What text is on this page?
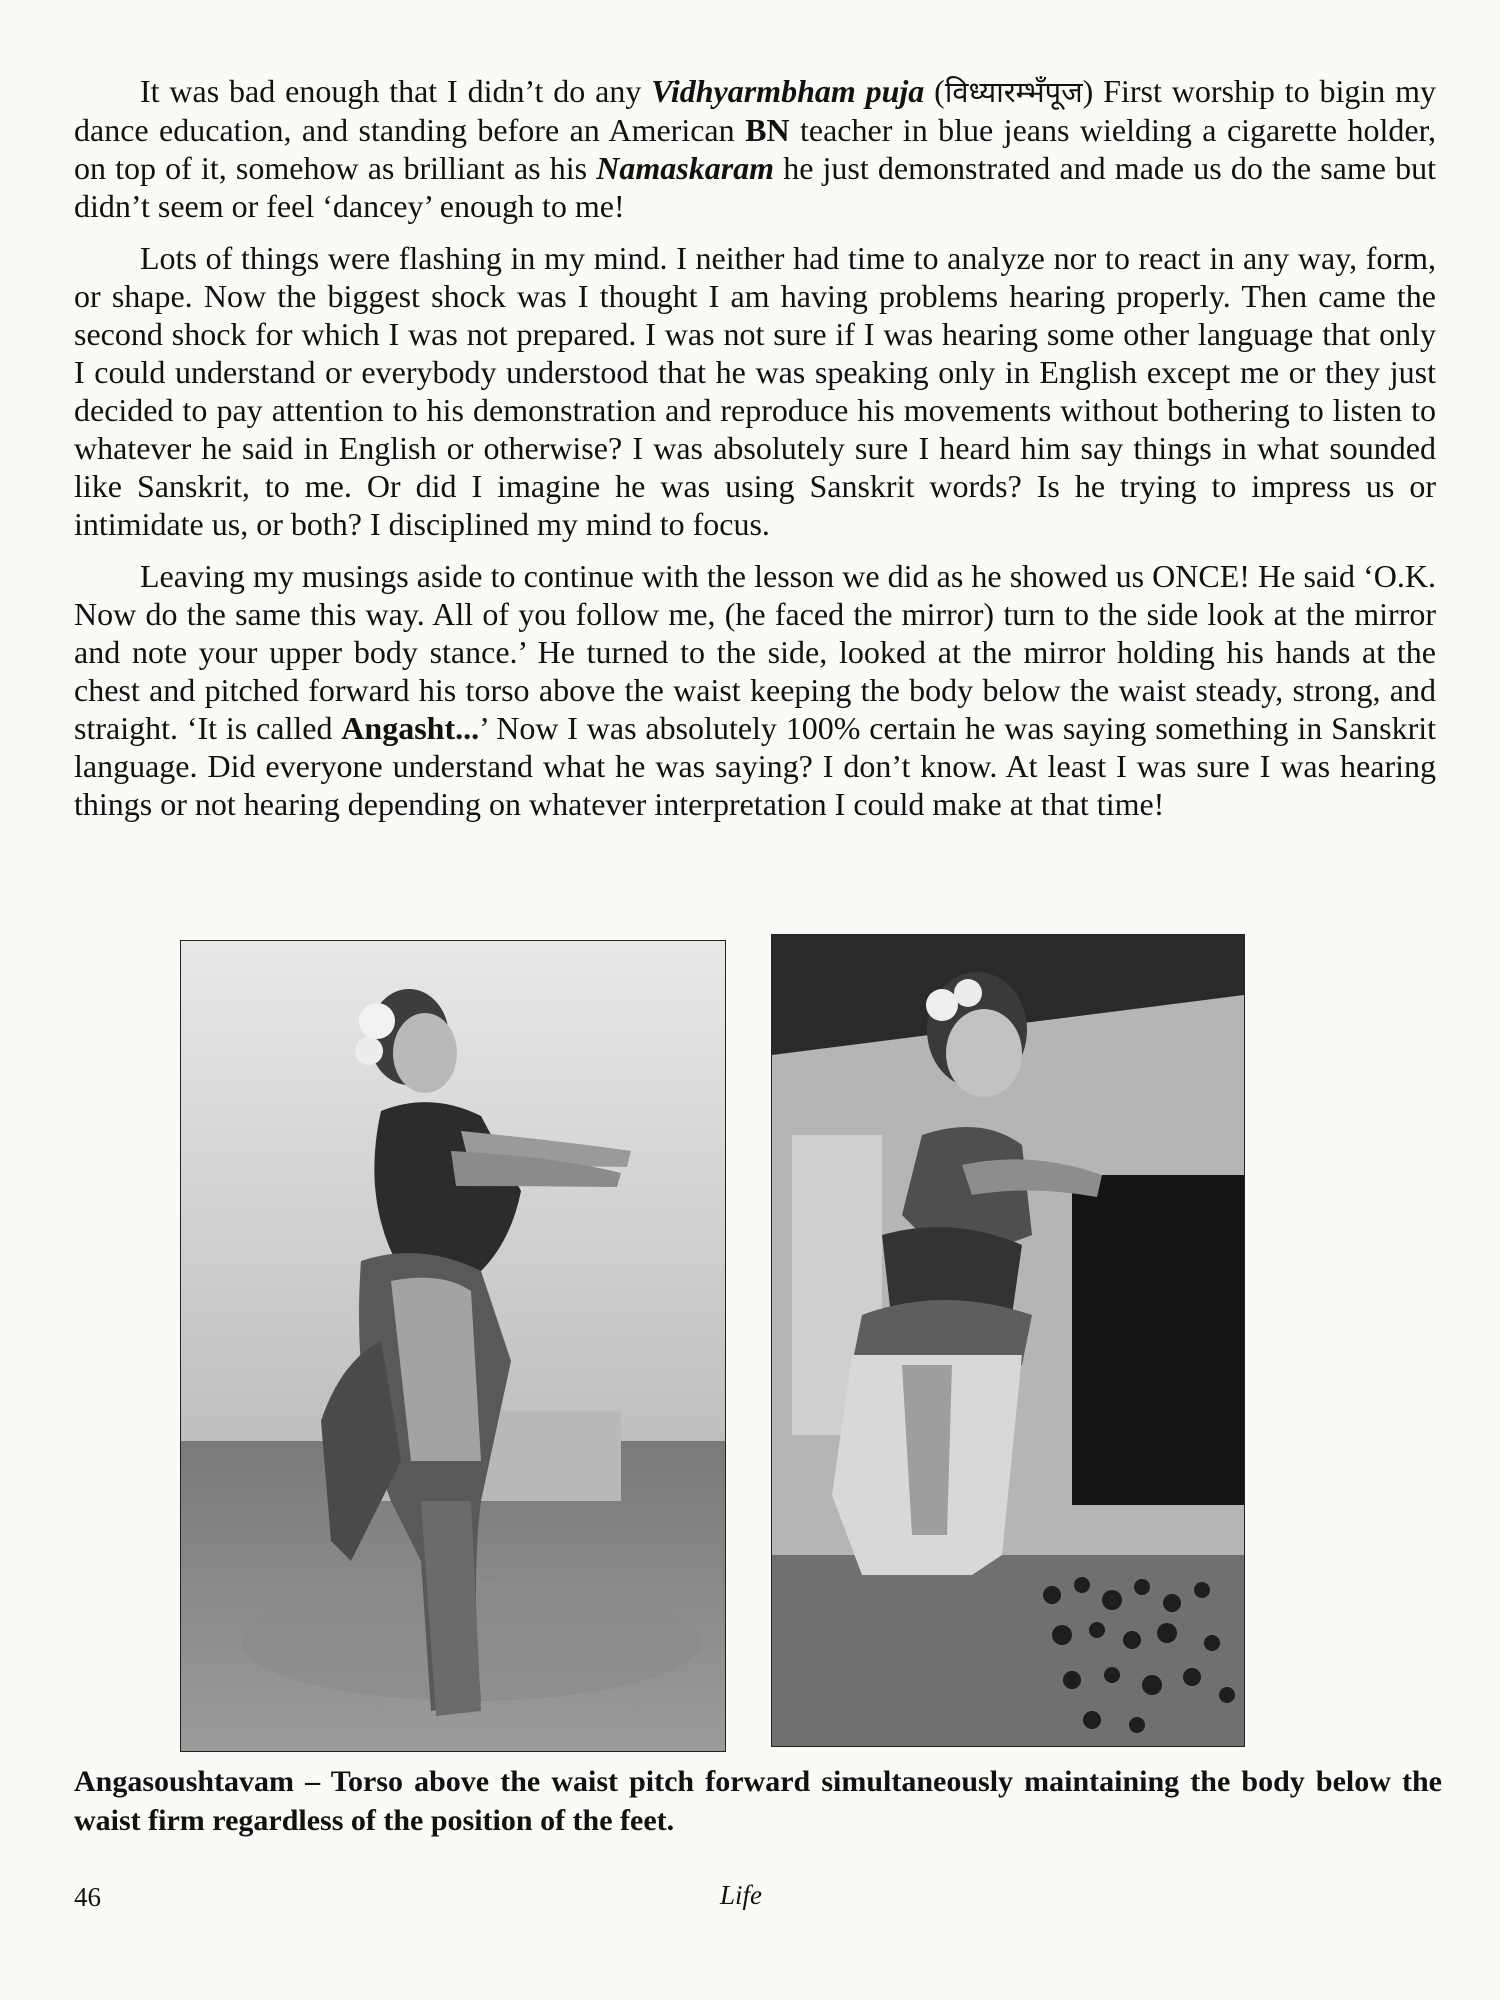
It was bad enough that I didn’t do any Vidhyarmbham puja (विध्यारम्भँपूज) First worship to bigin my dance education, and standing before an American BN teacher in blue jeans wielding a cigarette holder, on top of it, somehow as brilliant as his Namaskaram he just demonstrated and made us do the same but didn’t seem or feel ‘dancey’ enough to me!

Lots of things were flashing in my mind. I neither had time to analyze nor to react in any way, form, or shape. Now the biggest shock was I thought I am having problems hearing properly. Then came the second shock for which I was not prepared. I was not sure if I was hearing some other language that only I could understand or everybody understood that he was speaking only in English except me or they just decided to pay attention to his demonstration and reproduce his movements without bothering to listen to whatever he said in English or otherwise? I was absolutely sure I heard him say things in what sounded like Sanskrit, to me. Or did I imagine he was using Sanskrit words? Is he trying to impress us or intimidate us, or both? I disciplined my mind to focus.

Leaving my musings aside to continue with the lesson we did as he showed us ONCE! He said ‘O.K. Now do the same this way. All of you follow me, (he faced the mirror) turn to the side look at the mirror and note your upper body stance.’ He turned to the side, looked at the mirror holding his hands at the chest and pitched forward his torso above the waist keeping the body below the waist steady, strong, and straight. ‘It is called Angasht...’ Now I was absolutely 100% certain he was saying something in Sanskrit language. Did everyone understand what he was saying? I don’t know. At least I was sure I was hearing things or not hearing depending on whatever interpretation I could make at that time!

Angasoushtavam – Torso above the waist pitch forward simultaneously maintaining the body below the waist firm regardless of the position of the feet.
46	Life
